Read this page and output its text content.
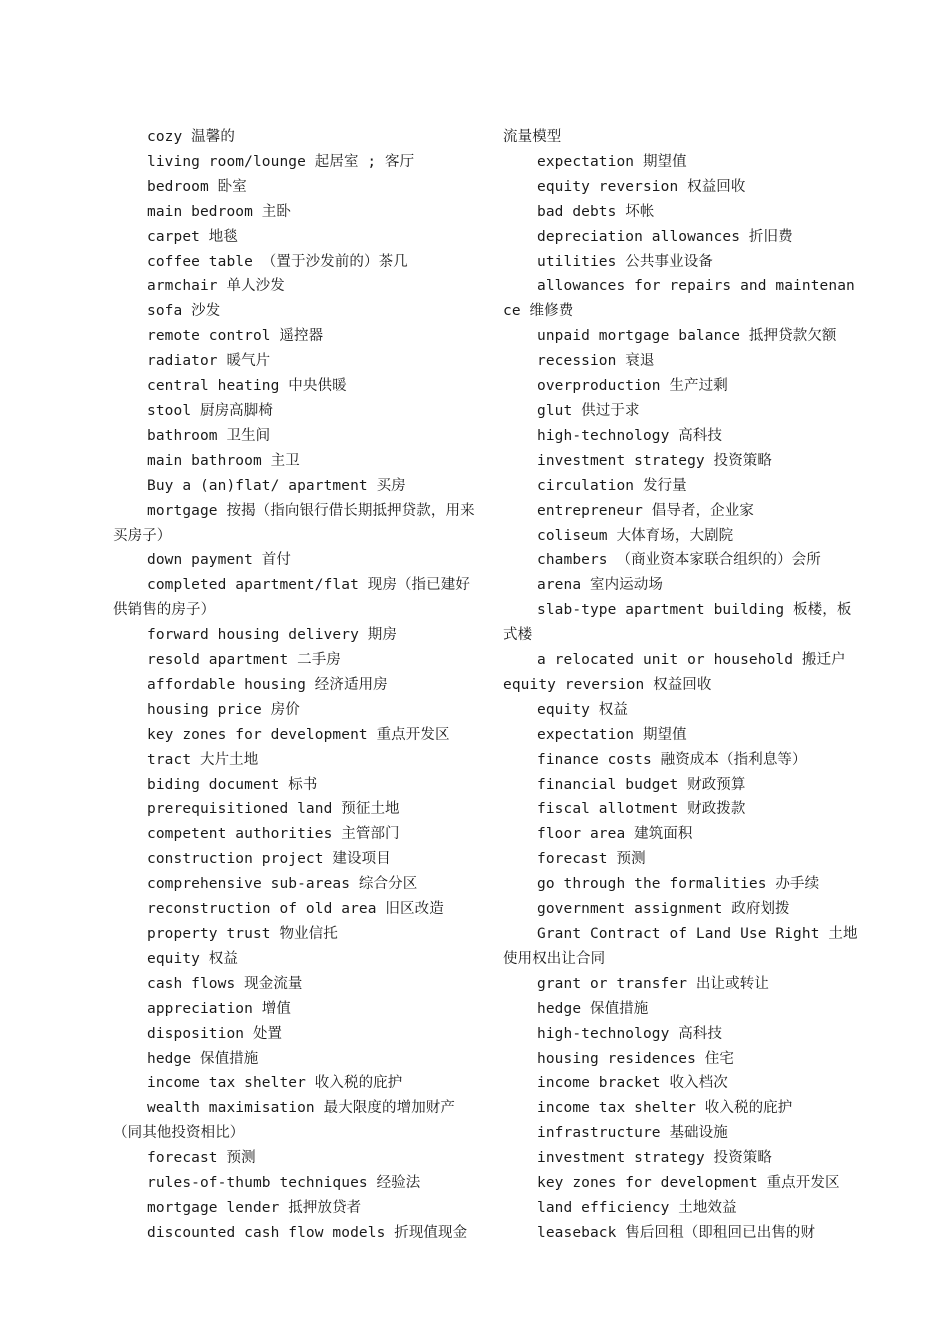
cozy 温馨的
living room/lounge 起居室 ; 客厅
bedroom 卧室
main bedroom 主卧
carpet 地毯
coffee table （置于沙发前的）茶几
armchair 单人沙发
sofa 沙发
remote control 遥控器
radiator 暖气片
central heating 中央供暖
stool 厨房高脚椅
bathroom 卫生间
main bathroom 主卫
Buy a (an)flat/ apartment 买房
mortgage 按揭（指向银行借长期抵押贷款，用来买房子）
down payment 首付
completed apartment/flat 现房（指已建好供销售的房子）
forward housing delivery 期房
resold apartment 二手房
affordable housing 经济适用房
housing price 房价
key zones for development 重点开发区
tract 大片土地
biding document 标书
prerequisitioned land 预征土地
competent authorities 主管部门
construction project 建设项目
comprehensive sub-areas 综合分区
reconstruction of old area 旧区改造
property trust 物业信托
equity 权益
cash flows 现金流量
appreciation 增值
disposition 处置
hedge 保值措施
income tax shelter 收入税的庇护
wealth maximisation 最大限度的增加财产（同其他投资相比）
forecast 预测
rules-of-thumb techniques 经验法
mortgage lender 抵押放贷者
discounted cash flow models 折现值现金
流量模型
expectation 期望值
equity reversion 权益回收
bad debts 坏帐
depreciation allowances 折旧费
utilities 公共事业设备
allowances for repairs and maintenance 维修费
unpaid mortgage balance 抵押贷款欠额
recession 衰退
overproduction 生产过剩
glut 供过于求
high-technology 高科技
investment strategy 投资策略
circulation 发行量
entrepreneur 倡导者，企业家
coliseum 大体育场，大剧院
chambers （商业资本家联合组织的）会所
arena 室内运动场
slab-type apartment building 板楼，板式楼
a relocated unit or household 搬迁户 equity reversion 权益回收
equity 权益
expectation 期望值
finance costs 融资成本（指利息等）
financial budget 财政预算
fiscal allotment 财政拨款
floor area 建筑面积
forecast 预测
go through the formalities 办手续
government assignment 政府划拨
Grant Contract of Land Use Right 土地使用权出让合同
grant or transfer 出让或转让
hedge 保值措施
high-technology 高科技
housing residences 住宅
income bracket 收入档次
income tax shelter 收入税的庇护
infrastructure 基础设施
investment strategy 投资策略
key zones for development 重点开发区
land efficiency 土地效益
leaseback 售后回租（即租回已出售的财
